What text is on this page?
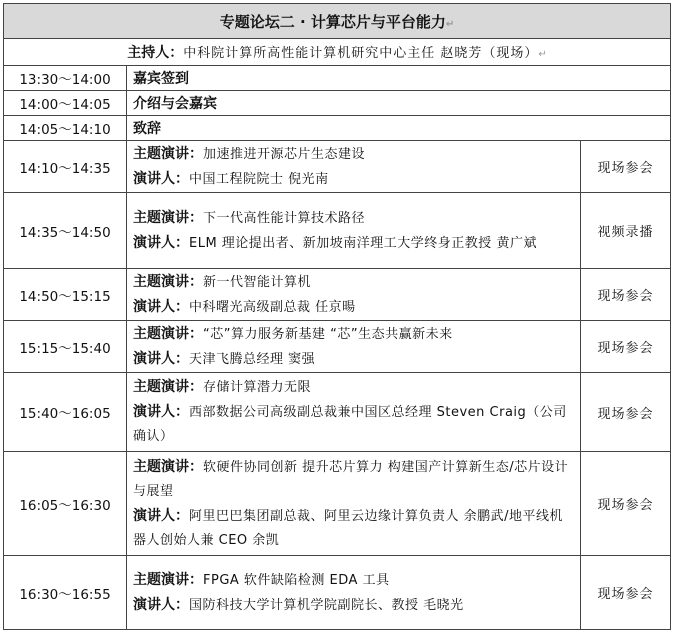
专题论坛二 · 计算芯片与平台能力↵		
主持人：中科院计算所高性能计算机研究中心主任 赵晓芳（现场）↵		
13:30～14:00	嘉宾签到	
14:00～14:05	介绍与会嘉宾	
14:05～14:10	致辞	
14:10～14:35	主题演讲：加速推进开源芯片生态建设
演讲人：中国工程院院士 倪光南	现场参会
14:35～14:50	主题演讲：下一代高性能计算技术路径
演讲人：ELM 理论提出者、新加坡南洋理工大学终身正教授 黄广斌	视频录播
14:50～15:15	主题演讲：新一代智能计算机
演讲人：中科曙光高级副总裁 任京暘	现场参会
15:15～15:40	主题演讲：“芯”算力服务新基建 “芯”生态共赢新未来
演讲人：天津飞腾总经理 窦强	现场参会
15:40～16:05	主题演讲：存储计算潜力无限
演讲人：西部数据公司高级副总裁兼中国区总经理 Steven Craig（公司确认）	现场参会
16:05～16:30	主题演讲：软硬件协同创新 提升芯片算力 构建国产计算新生态/芯片设计与展望
演讲人：阿里巴巴集团副总裁、阿里云边缘计算负责人 余鹏武/地平线机器人创始人兼 CEO 余凯	现场参会
16:30～16:55	主题演讲：FPGA 软件缺陷检测 EDA 工具
演讲人：国防科技大学计算机学院副院长、教授 毛晓光	现场参会
